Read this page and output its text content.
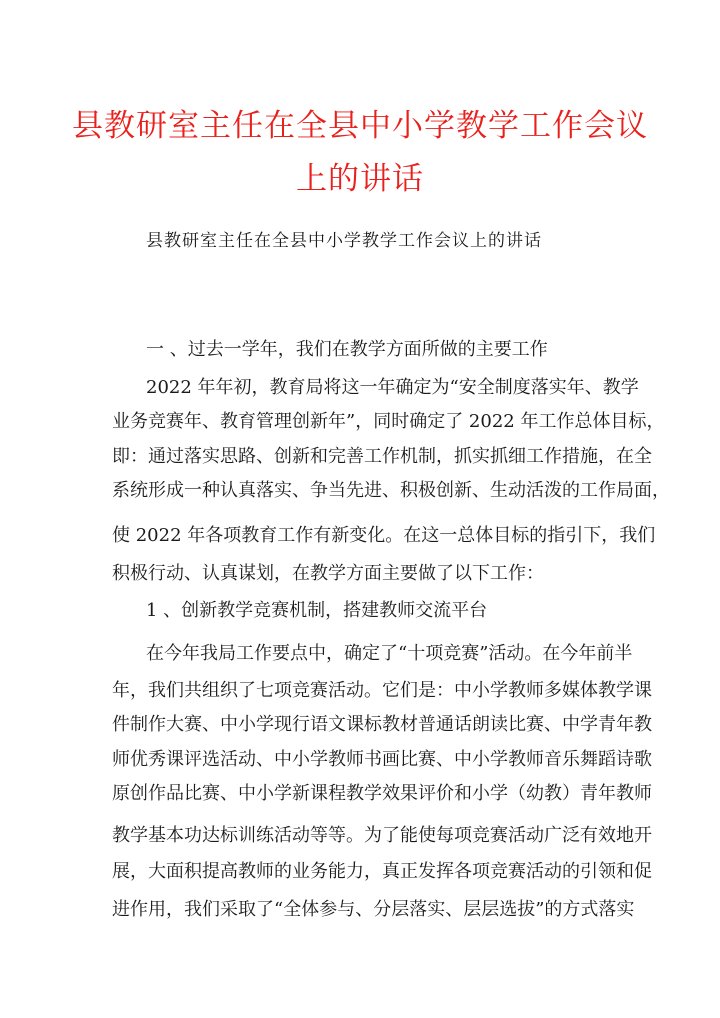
县教研室主任在全县中小学教学工作会议
上的讲话
县教研室主任在全县中小学教学工作会议上的讲话
一 、过去一学年，我们在教学方面所做的主要工作
2022 年年初，教育局将这一年确定为“安全制度落实年、教学
业务竞赛年、教育管理创新年”，同时确定了 2022 年工作总体目标，
即：通过落实思路、创新和完善工作机制，抓实抓细工作措施，在全
系统形成一种认真落实、争当先进、积极创新、生动活泼的工作局面，
使 2022 年各项教育工作有新变化。在这一总体目标的指引下，我们
积极行动、认真谋划，在教学方面主要做了以下工作：
1 、创新教学竞赛机制，搭建教师交流平台
在今年我局工作要点中，确定了“十项竞赛”活动。在今年前半
年，我们共组织了七项竞赛活动。它们是：中小学教师多媒体教学课
件制作大赛、中小学现行语文课标教材普通话朗读比赛、中学青年教
师优秀课评选活动、中小学教师书画比赛、中小学教师音乐舞蹈诗歌
原创作品比赛、中小学新课程教学效果评价和小学（幼教）青年教师
教学基本功达标训练活动等等。为了能使每项竞赛活动广泛有效地开
展，大面积提高教师的业务能力，真正发挥各项竞赛活动的引领和促
进作用，我们采取了“全体参与、分层落实、层层选拔”的方式落实
